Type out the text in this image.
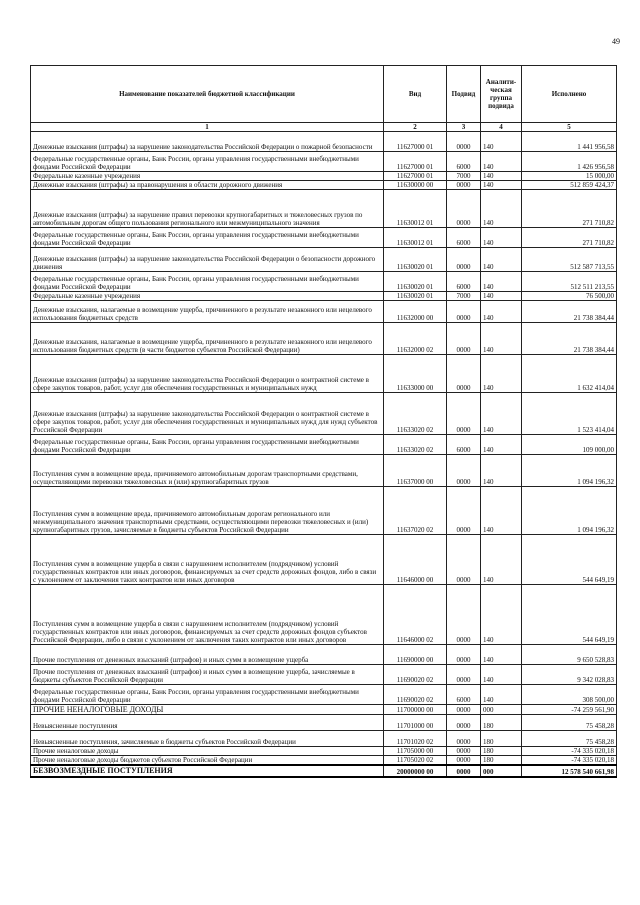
49
Наименование показателей бюджетной классификации	Вид	Подвид	Аналити-ческая группа подвида	Исполнено
1	2	3	4	5
Денежные взыскания (штрафы) за нарушение законодательства Российской Федерации о пожарной безопасности	11627000 01	0000	140	1 441 956,58
Федеральные государственные органы, Банк России, органы управления государственными внебюджетными фондами Российской Федерации	11627000 01	6000	140	1 426 956,58
Федеральные казенные учреждения	11627000 01	7000	140	15 000,00
Денежные взыскания (штрафы) за правонарушения в области дорожного движения	11630000 00	0000	140	512 859 424,37
Денежные взыскания (штрафы) за нарушение правил перевозки крупногабаритных и тяжеловесных грузов по автомобильным дорогам общего пользования регионального или межмуниципального значения	11630012 01	0000	140	271 710,82
Федеральные государственные органы, Банк России, органы управления государственными внебюджетными фондами Российской Федерации	11630012 01	6000	140	271 710,82
Денежные взыскания (штрафы) за нарушение законодательства Российской Федерации о безопасности дорожного движения	11630020 01	0000	140	512 587 713,55
Федеральные государственные органы, Банк России, органы управления государственными внебюджетными фондами Российской Федерации	11630020 01	6000	140	512 511 213,55
Федеральные казенные учреждения	11630020 01	7000	140	76 500,00
Денежные взыскания, налагаемые в возмещение ущерба, причиненного в результате незаконного или нецелевого использования бюджетных средств	11632000 00	0000	140	21 738 384,44
Денежные взыскания, налагаемые в возмещение ущерба, причиненного в результате незаконного или нецелевого использования бюджетных средств (в части бюджетов субъектов Российской Федерации)	11632000 02	0000	140	21 738 384,44
Денежные взыскания (штрафы) за нарушение законодательства Российской Федерации о контрактной системе в сфере закупок товаров, работ, услуг для обеспечения государственных и муниципальных нужд	11633000 00	0000	140	1 632 414,04
Денежные взыскания (штрафы) за нарушение законодательства Российской Федерации о контрактной системе в сфере закупок товаров, работ, услуг для обеспечения государственных и муниципальных нужд для нужд субъектов Российской Федерации	11633020 02	0000	140	1 523 414,04
Федеральные государственные органы, Банк России, органы управления государственными внебюджетными фондами Российской Федерации	11633020 02	6000	140	109 000,00
Поступления сумм в возмещение вреда, причиняемого автомобильным дорогам транспортными средствами, осуществляющими перевозки тяжеловесных и (или) крупногабаритных грузов	11637000 00	0000	140	1 094 196,32
Поступления сумм в возмещение вреда, причиняемого автомобильным дорогам регионального или межмуниципального значения транспортными средствами, осуществляющими перевозки тяжеловесных и (или) крупногабаритных грузов, зачисляемые в бюджеты субъектов Российской Федерации	11637020 02	0000	140	1 094 196,32
Поступления сумм в возмещение ущерба в связи с нарушением исполнителем (подрядчиком) условий государственных контрактов или иных договоров, финансируемых за счет средств дорожных фондов, либо в связи с уклонением от заключения таких контрактов или иных договоров	11646000 00	0000	140	544 649,19
Поступления сумм в возмещение ущерба в связи с нарушением исполнителем (подрядчиком) условий государственных контрактов или иных договоров, финансируемых за счет средств дорожных фондов субъектов Российской Федерации, либо в связи с уклонением от заключения таких контрактов или иных договоров	11646000 02	0000	140	544 649,19
Прочие поступления от денежных взысканий (штрафов) и иных сумм в возмещение ущерба	11690000 00	0000	140	9 650 528,83
Прочие поступления от денежных взысканий (штрафов) и иных сумм в возмещение ущерба, зачисляемые в бюджеты субъектов Российской Федерации	11690020 02	0000	140	9 342 028,83
Федеральные государственные органы, Банк России, органы управления государственными внебюджетными фондами Российской Федерации	11690020 02	6000	140	308 500,00
ПРОЧИЕ НЕНАЛОГОВЫЕ ДОХОДЫ	11700000 00	0000	000	-74 259 561,90
Невыясненные поступления	11701000 00	0000	180	75 458,28
Невыясненные поступления, зачисляемые в бюджеты субъектов Российской Федерации	11701020 02	0000	180	75 458,28
Прочие неналоговые доходы	11705000 00	0000	180	-74 335 020,18
Прочие неналоговые доходы бюджетов субъектов Российской Федерации	11705020 02	0000	180	-74 335 020,18
БЕЗВОЗМЕЗДНЫЕ ПОСТУПЛЕНИЯ	20000000 00	0000	000	12 578 540 661,98
